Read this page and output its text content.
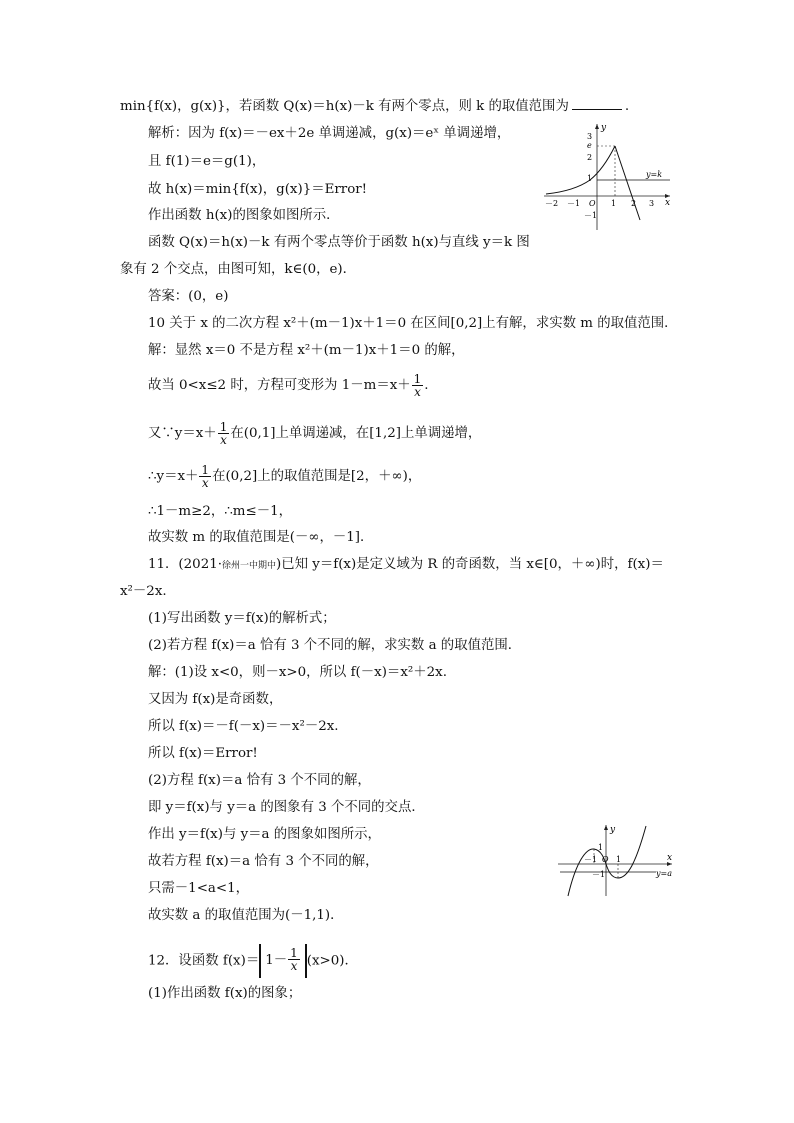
min{f(x)，g(x)}，若函数 Q(x)＝h(x)－k 有两个零点，则 k 的取值范围为	.
解析：因为 f(x)＝－ex＋2e 单调递减，g(x)＝eˣ 单调递增，
且 f(1)＝e＝g(1)，
故 h(x)＝min{f(x)，g(x)}＝Error!
作出函数 h(x)的图象如图所示．
函数 Q(x)＝h(x)－k 有两个零点等价于函数 h(x)与直线 y＝k 图
象有 2 个交点，由图可知，k∈(0，e)．
答案：(0，e)
y
x
3
e
2
1
－2 －1 O 1 2 3
－1
y=k
10 关于 x 的二次方程 x²＋(m－1)x＋1＝0 在区间[0,2]上有解，求实数 m 的取值范围．
解：显然 x＝0 不是方程 x²＋(m－1)x＋1＝0 的解，
故当 0<x≤2 时，方程可变形为 $1-m=x+ \frac{1}{x}$ .
又∵y＝x＋ $\frac{1}{x}$ 在(0,1]上单调递减，在[1,2]上单调递增，
∴y＝x＋ $\frac{1}{x}$ 在(0,2]上的取值范围是[2，＋∞)，
∴1－m≥2，∴m≤－1，
故实数 m 的取值范围是(－∞，－1]．
11．(2021·徐州一中期中)已知 y＝f(x)是定义域为 R 的奇函数，当 x∈[0，＋∞)时，f(x)＝
x²－2x.
(1)写出函数 y＝f(x)的解析式；
(2)若方程 f(x)＝a 恰有 3 个不同的解，求实数 a 的取值范围．
解：(1)设 x<0，则－x>0，所以 f(－x)＝x²＋2x.
又因为 f(x)是奇函数，
所以 f(x)＝－f(－x)＝－x²－2x.
所以 f(x)＝Error!
(2)方程 f(x)＝a 恰有 3 个不同的解，
即 y＝f(x)与 y＝a 的图象有 3 个不同的交点．
作出 y＝f(x)与 y＝a 的图象如图所示，
故若方程 f(x)＝a 恰有 3 个不同的解，
只需－1<a<1，
故实数 a 的取值范围为(－1,1)．
y
x
1
－1 O 1
－1	y=a
12．设函数 $f(x)= 1- \frac{1}{x} (x>0)$．
(1)作出函数 f(x)的图象；
